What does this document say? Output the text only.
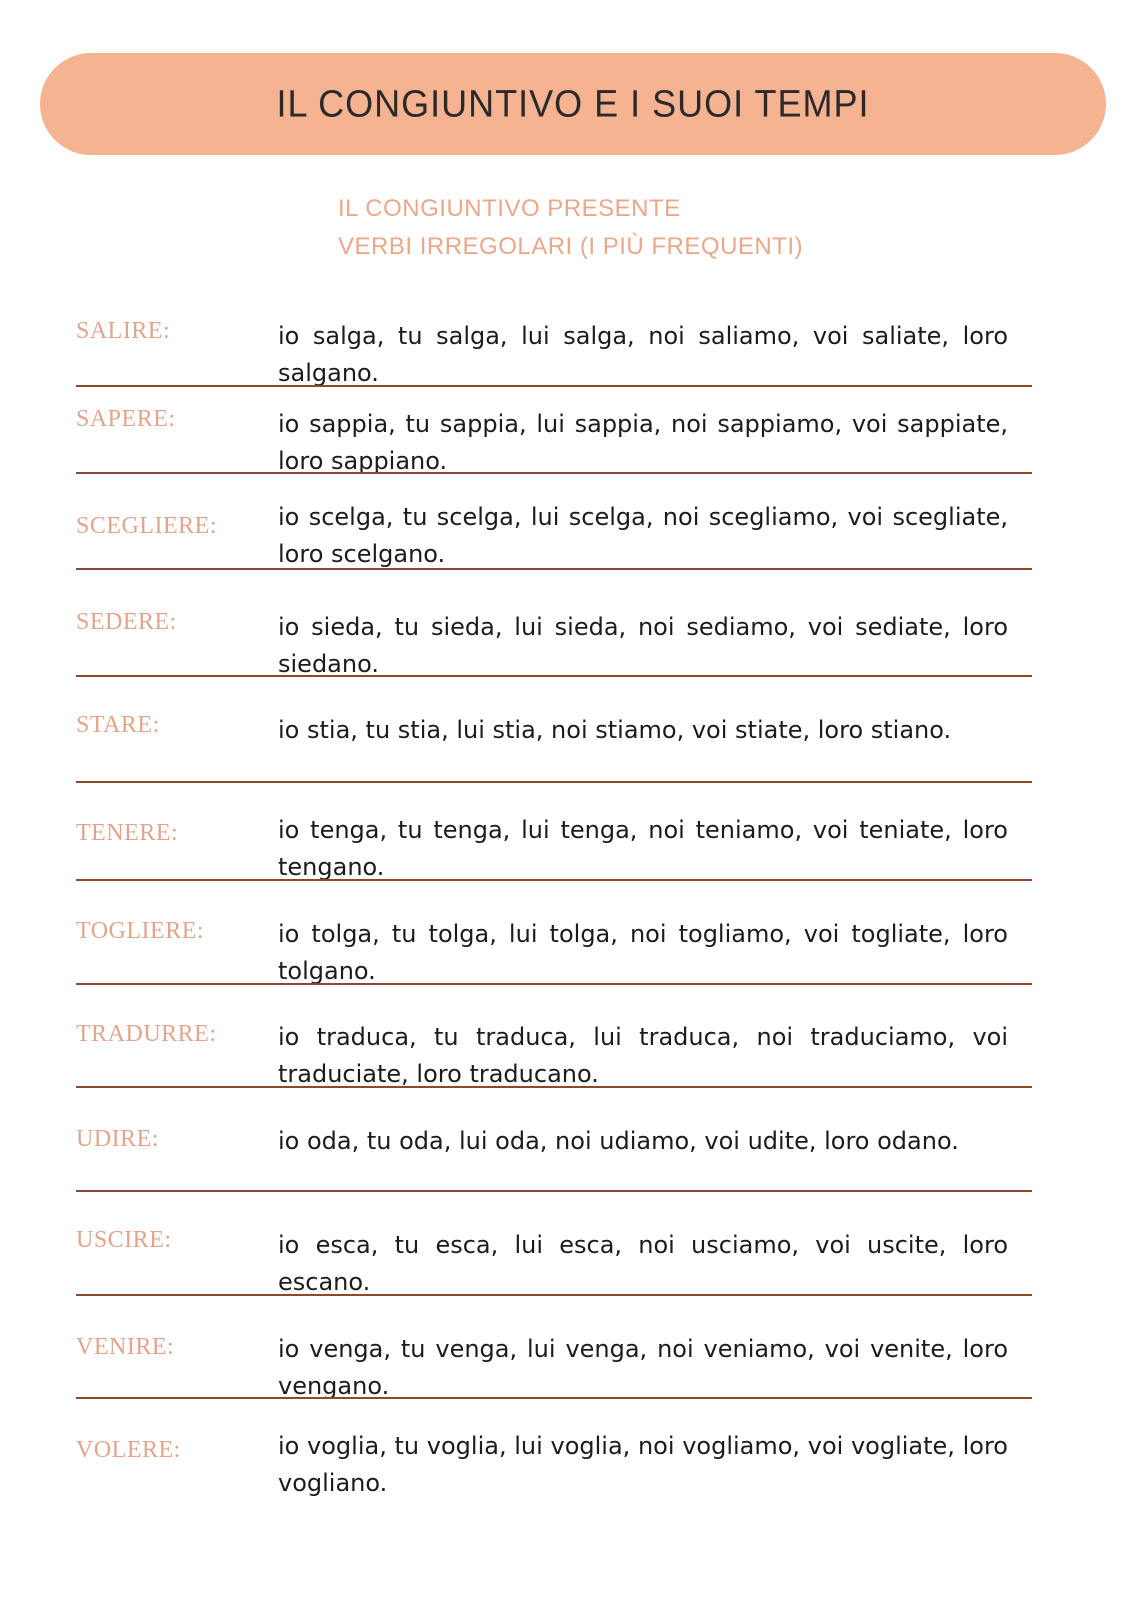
IL CONGIUNTIVO E I SUOI TEMPI
IL CONGIUNTIVO PRESENTE
VERBI IRREGOLARI (I PIÙ FREQUENTI)
SALIRE:	io salga, tu salga, lui salga, noi saliamo, voi saliate, loro salgano.
SAPERE:	io sappia, tu sappia, lui sappia, noi sappiamo, voi sappiate, loro sappiano.
SCEGLIERE:	io scelga, tu scelga, lui scelga, noi scegliamo, voi scegliate, loro scelgano.
SEDERE:	io sieda, tu sieda, lui sieda, noi sediamo, voi sediate, loro siedano.
STARE:	io stia, tu stia, lui stia, noi stiamo, voi stiate, loro stiano.
TENERE:	io tenga, tu tenga, lui tenga, noi teniamo, voi teniate, loro tengano.
TOGLIERE:	io tolga, tu tolga, lui tolga, noi togliamo, voi togliate, loro tolgano.
TRADURRE:	io traduca, tu traduca, lui traduca, noi traduciamo, voi traduciate, loro traducano.
UDIRE:	io oda, tu oda, lui oda, noi udiamo, voi udite, loro odano.
USCIRE:	io esca, tu esca, lui esca, noi usciamo, voi uscite, loro escano.
VENIRE:	io venga, tu venga, lui venga, noi veniamo, voi venite, loro vengano.
VOLERE:	io voglia, tu voglia, lui voglia, noi vogliamo, voi vogliate, loro vogliano.
